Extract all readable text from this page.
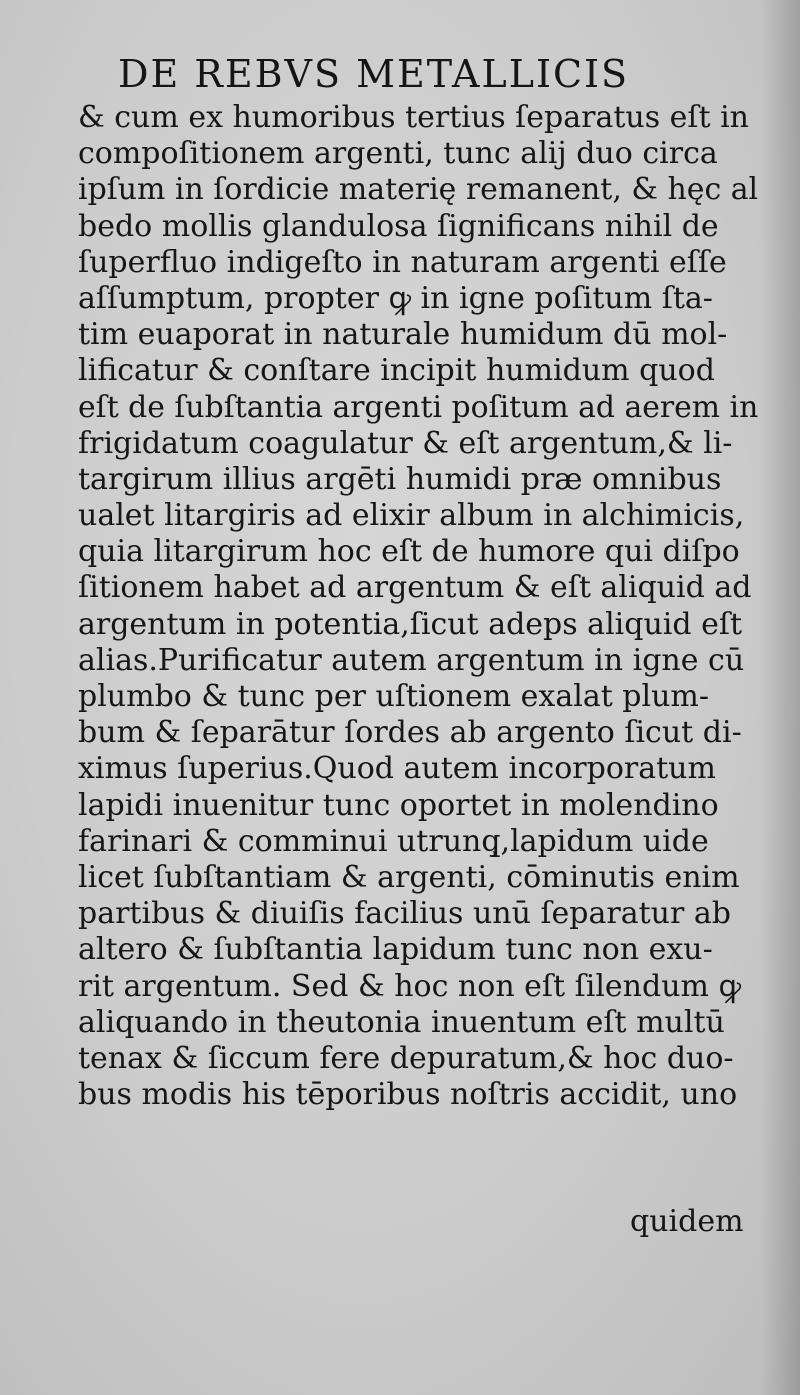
DE REBVS METALLICIS
& cum ex humoribus tertius ſeparatus eſt in
compoſitionem argenti, tunc alij duo circa
ipſum in ſordicie materię remanent, & hęc al
bedo mollis glandulosa ſignificans nihil de
ſuperfluo indigeſto in naturam argenti eſſe
aſſumptum, propter ꝙ in igne poſitum ſta-
tim euaporat in naturale humidum dū mol-
lificatur & conſtare incipit humidum quod
eſt de ſubſtantia argenti poſitum ad aerem in
frigidatum coagulatur & eſt argentum,& li-
targirum illius argēti humidi præ omnibus
ualet litargiris ad elixir album in alchimicis,
quia litargirum hoc eſt de humore qui diſpo
ſitionem habet ad argentum & eſt aliquid ad
argentum in potentia,ſicut adeps aliquid eſt
alias.Purificatur autem argentum in igne cū
plumbo & tunc per uſtionem exalat plum-
bum & ſeparātur ſordes ab argento ſicut di-
ximus ſuperius.Quod autem incorporatum
lapidi inuenitur tunc oportet in molendino
farinari & comminui utrunq̧,lapidum uide
licet ſubſtantiam & argenti, cōminutis enim
partibus & diuiſis facilius unū ſeparatur ab
altero & ſubſtantia lapidum tunc non exu-
rit argentum. Sed & hoc non eſt ſilendum ꝙ
aliquando in theutonia inuentum eſt multū
tenax & ſiccum fere depuratum,& hoc duo-
bus modis his tēporibus noſtris accidit, uno
quidem
